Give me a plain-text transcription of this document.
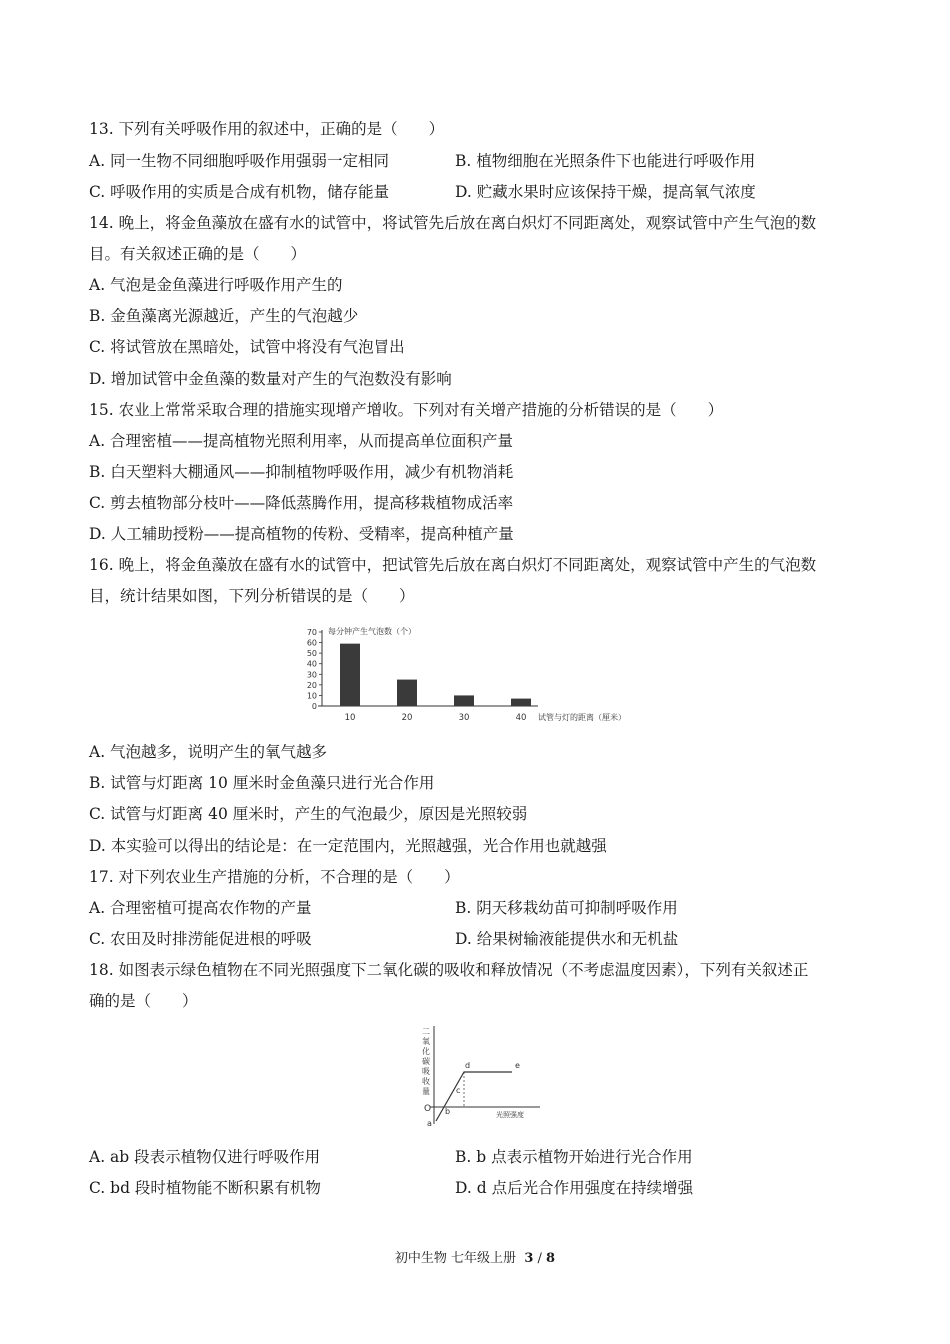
13. 下列有关呼吸作用的叙述中，正确的是（　　）
A. 同一生物不同细胞呼吸作用强弱一定相同	B. 植物细胞在光照条件下也能进行呼吸作用
C. 呼吸作用的实质是合成有机物，储存能量	D. 贮藏水果时应该保持干燥，提高氧气浓度
14. 晚上，将金鱼藻放在盛有水的试管中，将试管先后放在离白炽灯不同距离处，观察试管中产生气泡的数
目。有关叙述正确的是（　　）
A. 气泡是金鱼藻进行呼吸作用产生的
B. 金鱼藻离光源越近，产生的气泡越少
C. 将试管放在黑暗处，试管中将没有气泡冒出
D. 增加试管中金鱼藻的数量对产生的气泡数没有影响
15. 农业上常常采取合理的措施实现增产增收。下列对有关增产措施的分析错误的是（　　）
A. 合理密植——提高植物光照利用率，从而提高单位面积产量
B. 白天塑料大棚通风——抑制植物呼吸作用，减少有机物消耗
C. 剪去植物部分枝叶——降低蒸腾作用，提高移栽植物成活率
D. 人工辅助授粉——提高植物的传粉、受精率，提高种植产量
16. 晚上，将金鱼藻放在盛有水的试管中，把试管先后放在离白炽灯不同距离处，观察试管中产生的气泡数
目，统计结果如图，下列分析错误的是（　　）
70
60
50
40
30
20
10
0
每分钟产生气泡数（个）
10	20	30	40 试管与灯的距离（厘米）
A. 气泡越多，说明产生的氧气越多
B. 试管与灯距离 10 厘米时金鱼藻只进行光合作用
C. 试管与灯距离 40 厘米时，产生的气泡最少，原因是光照较弱
D. 本实验可以得出的结论是：在一定范围内，光照越强，光合作用也就越强
17. 对下列农业生产措施的分析，不合理的是（　　）
A. 合理密植可提高农作物的产量	B. 阴天移栽幼苗可抑制呼吸作用
C. 农田及时排涝能促进根的呼吸	D. 给果树输液能提供水和无机盐
18. 如图表示绿色植物在不同光照强度下二氧化碳的吸收和释放情况（不考虑温度因素），下列有关叙述正
确的是（　　）
二氧化碳吸收量
O
光照强度
a
b
c
d	e
A. ab 段表示植物仅进行呼吸作用	B. b 点表示植物开始进行光合作用
C. bd 段时植物能不断积累有机物	D. d 点后光合作用强度在持续增强
初中生物 七年级上册 3 / 8
